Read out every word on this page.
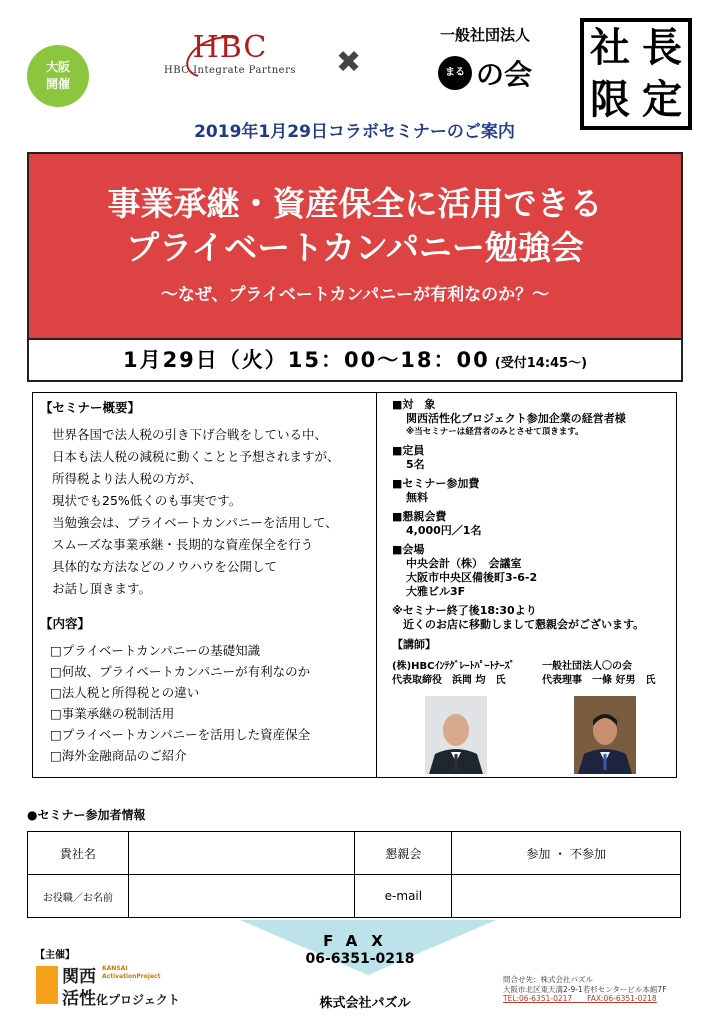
大阪
開催
HBC
HBC Integrate Partners	✖
一般社団法人
まる の会
社 長
限 定
2019年1月29日コラボセミナーのご案内
事業承継・資産保全に活用できる
プライベートカンパニー勉強会
～なぜ、プライベートカンパニーが有利なのか？～
1月29日（火）15：00～18：00 (受付14:45～)
【セミナー概要】

世界各国で法人税の引き下げ合戦をしている中、

日本も法人税の減税に動くことと予想されますが、

所得税より法人税の方が、

現状でも25%低くのも事実です。

当勉強会は、プライベートカンパニーを活用して、

スムーズな事業承継・長期的な資産保全を行う

具体的な方法などのノウハウを公開して

お話し頂きます。

【内容】
□プライベートカンパニーの基礎知識
□何故、プライベートカンパニーが有利なのか
□法人税と所得税との違い
□事業承継の税制活用
□プライベートカンパニーを活用した資産保全
□海外金融商品のご紹介
■対　象
関西活性化プロジェクト参加企業の経営者様
※当セミナーは経営者のみとさせて頂きます。
■定員
5名
■セミナー参加費
無料
■懇親会費
4,000円／1名
■会場
中央会計（株）　会議室
大阪市中央区備後町3-6-2
大雅ビル3F
※セミナー終了後18:30より
　近くのお店に移動しまして懇親会がございます。
【講師】
(株)HBCｲﾝﾃｸﾞﾚｰﾄﾊﾟｰﾄﾅｰｽﾞ
代表取締役　浜岡 均　氏
一般社団法人〇の会
代表理事　一條 好男　氏
●セミナー参加者情報
貴社名		懇親会	参加 ・ 不参加
お役職／お名前		e-mail	
FAX
06-6351-0218
株式会社パズル
【主催】
関西 KANSAI
ActivationProject
活性化プロジェクト
問合せ先：株式会社パズル
大阪市北区東天満2-9-1若杉センタービル本館7F
TEL:06-6351-0217　　FAX:06-6351-0218
